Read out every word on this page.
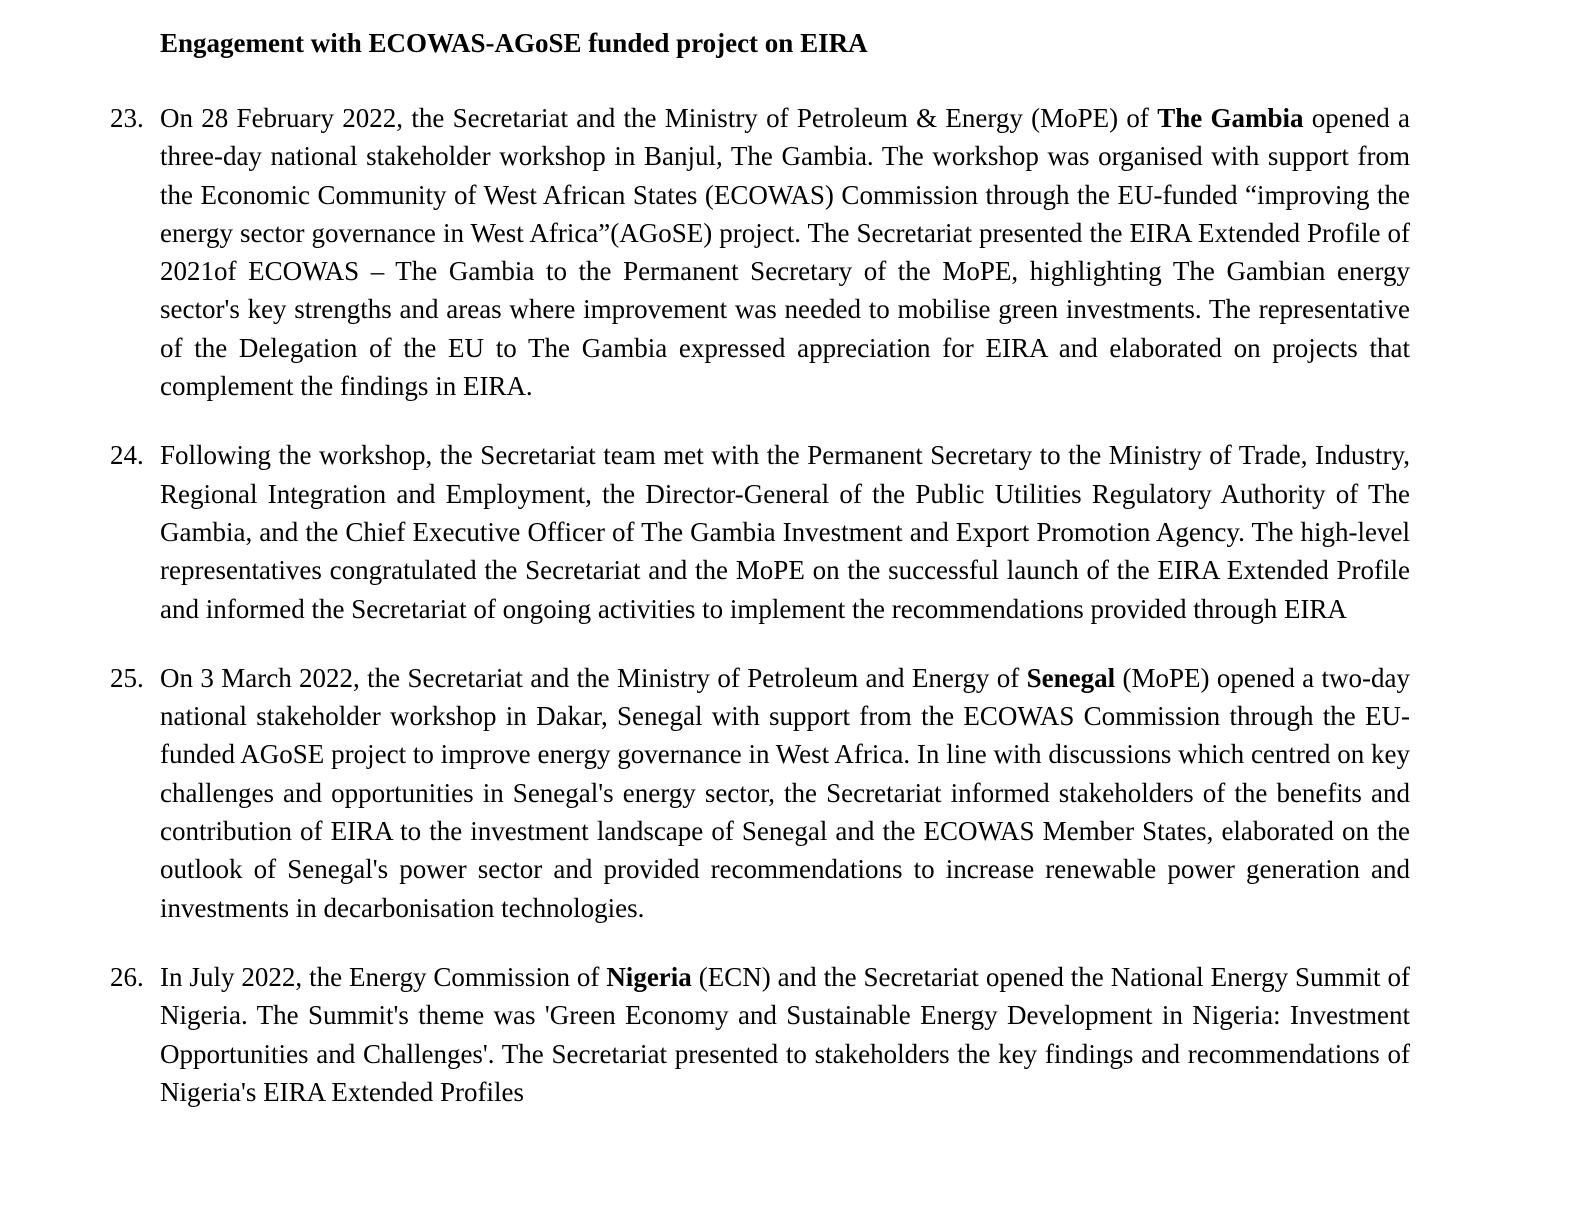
Engagement with ECOWAS-AGoSE funded project on EIRA
23. On 28 February 2022, the Secretariat and the Ministry of Petroleum & Energy (MoPE) of The Gambia opened a three-day national stakeholder workshop in Banjul, The Gambia. The workshop was organised with support from the Economic Community of West African States (ECOWAS) Commission through the EU-funded “improving the energy sector governance in West Africa”(AGoSE) project. The Secretariat presented the EIRA Extended Profile of 2021of ECOWAS – The Gambia to the Permanent Secretary of the MoPE, highlighting The Gambian energy sector's key strengths and areas where improvement was needed to mobilise green investments. The representative of the Delegation of the EU to The Gambia expressed appreciation for EIRA and elaborated on projects that complement the findings in EIRA.
24. Following the workshop, the Secretariat team met with the Permanent Secretary to the Ministry of Trade, Industry, Regional Integration and Employment, the Director-General of the Public Utilities Regulatory Authority of The Gambia, and the Chief Executive Officer of The Gambia Investment and Export Promotion Agency. The high-level representatives congratulated the Secretariat and the MoPE on the successful launch of the EIRA Extended Profile and informed the Secretariat of ongoing activities to implement the recommendations provided through EIRA
25. On 3 March 2022, the Secretariat and the Ministry of Petroleum and Energy of Senegal (MoPE) opened a two-day national stakeholder workshop in Dakar, Senegal with support from the ECOWAS Commission through the EU-funded AGoSE project to improve energy governance in West Africa. In line with discussions which centred on key challenges and opportunities in Senegal's energy sector, the Secretariat informed stakeholders of the benefits and contribution of EIRA to the investment landscape of Senegal and the ECOWAS Member States, elaborated on the outlook of Senegal's power sector and provided recommendations to increase renewable power generation and investments in decarbonisation technologies.
26. In July 2022, the Energy Commission of Nigeria (ECN) and the Secretariat opened the National Energy Summit of Nigeria. The Summit's theme was 'Green Economy and Sustainable Energy Development in Nigeria: Investment Opportunities and Challenges'. The Secretariat presented to stakeholders the key findings and recommendations of Nigeria's EIRA Extended Profiles
